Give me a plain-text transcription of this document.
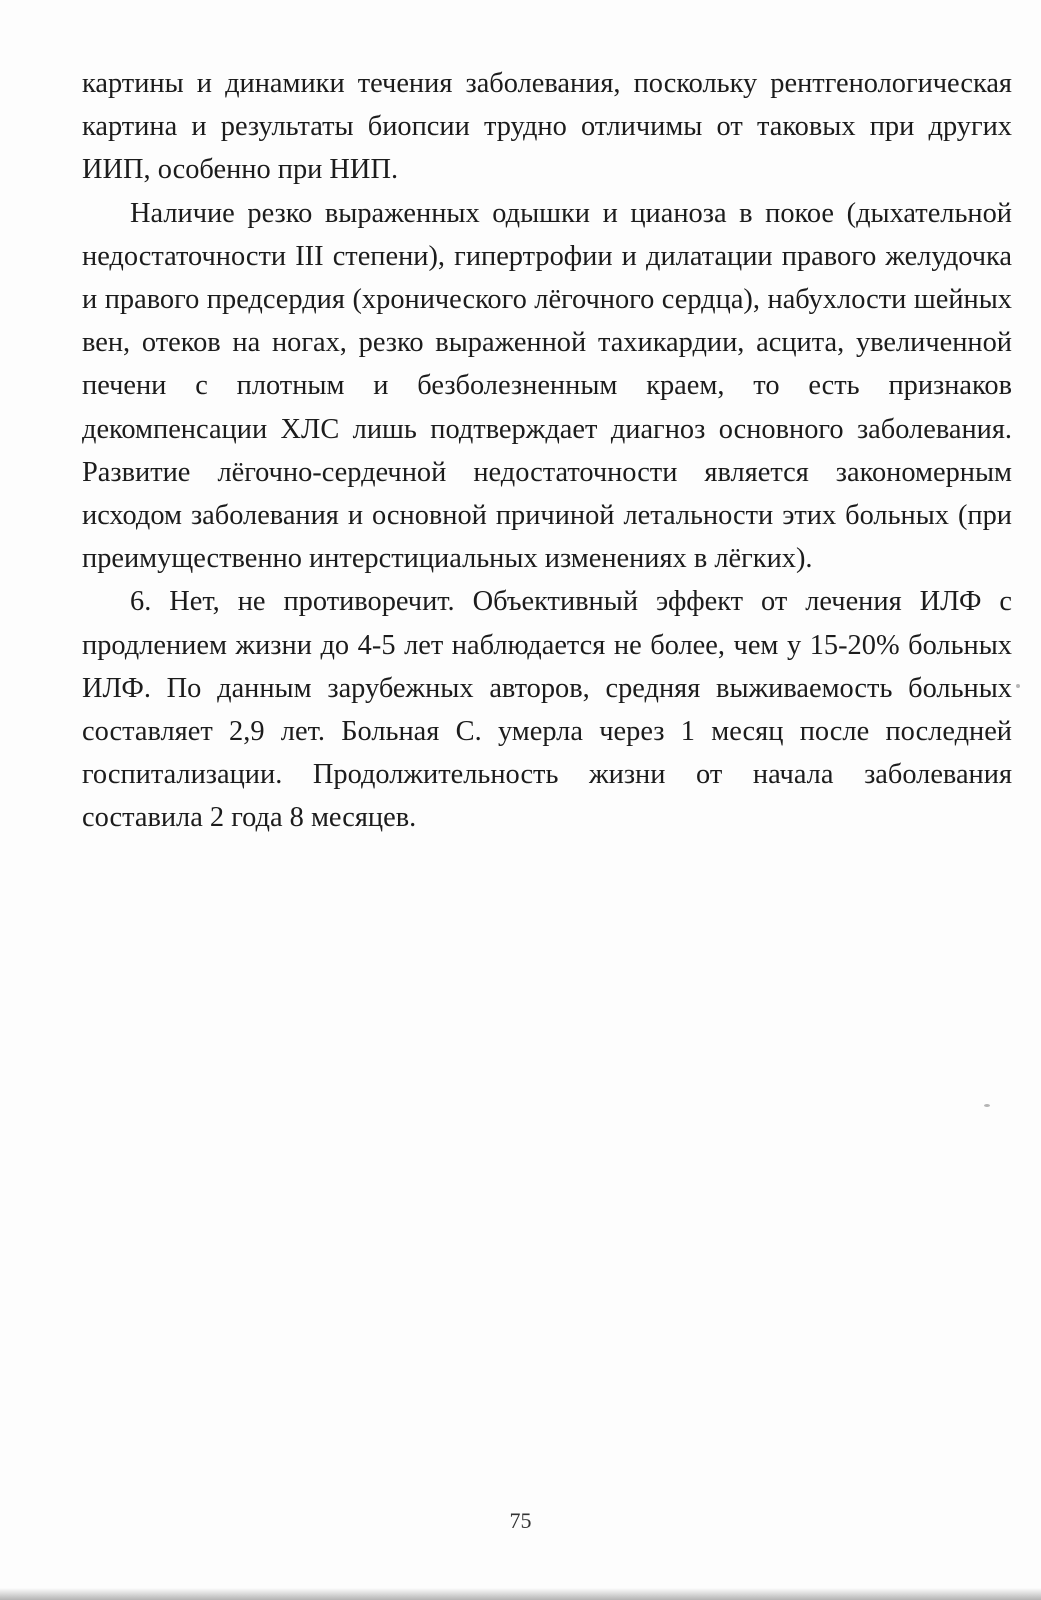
картины и динамики течения заболевания, поскольку рентгенологическая картина и результаты биопсии трудно отличимы от таковых при других ИИП, особенно при НИП.

Наличие резко выраженных одышки и цианоза в покое (дыхательной недостаточности III степени), гипертрофии и дилатации правого желудочка и правого предсердия (хронического лёгочного сердца), набухлости шейных вен, отеков на ногах, резко выраженной тахикардии, асцита, увеличенной печени с плотным и безболезненным краем, то есть признаков декомпенсации ХЛС лишь подтверждает диагноз основного заболевания. Развитие лёгочно-сердечной недостаточности является закономерным исходом заболевания и основной причиной летальности этих больных (при преимущественно интерстициальных изменениях в лёгких).

6. Нет, не противоречит. Объективный эффект от лечения ИЛФ с продлением жизни до 4-5 лет наблюдается не более, чем у 15-20% больных ИЛФ. По данным зарубежных авторов, средняя выживаемость больных составляет 2,9 лет. Больная С. умерла через 1 месяц после последней госпитализации. Продолжительность жизни от начала заболевания составила 2 года 8 месяцев.

75
